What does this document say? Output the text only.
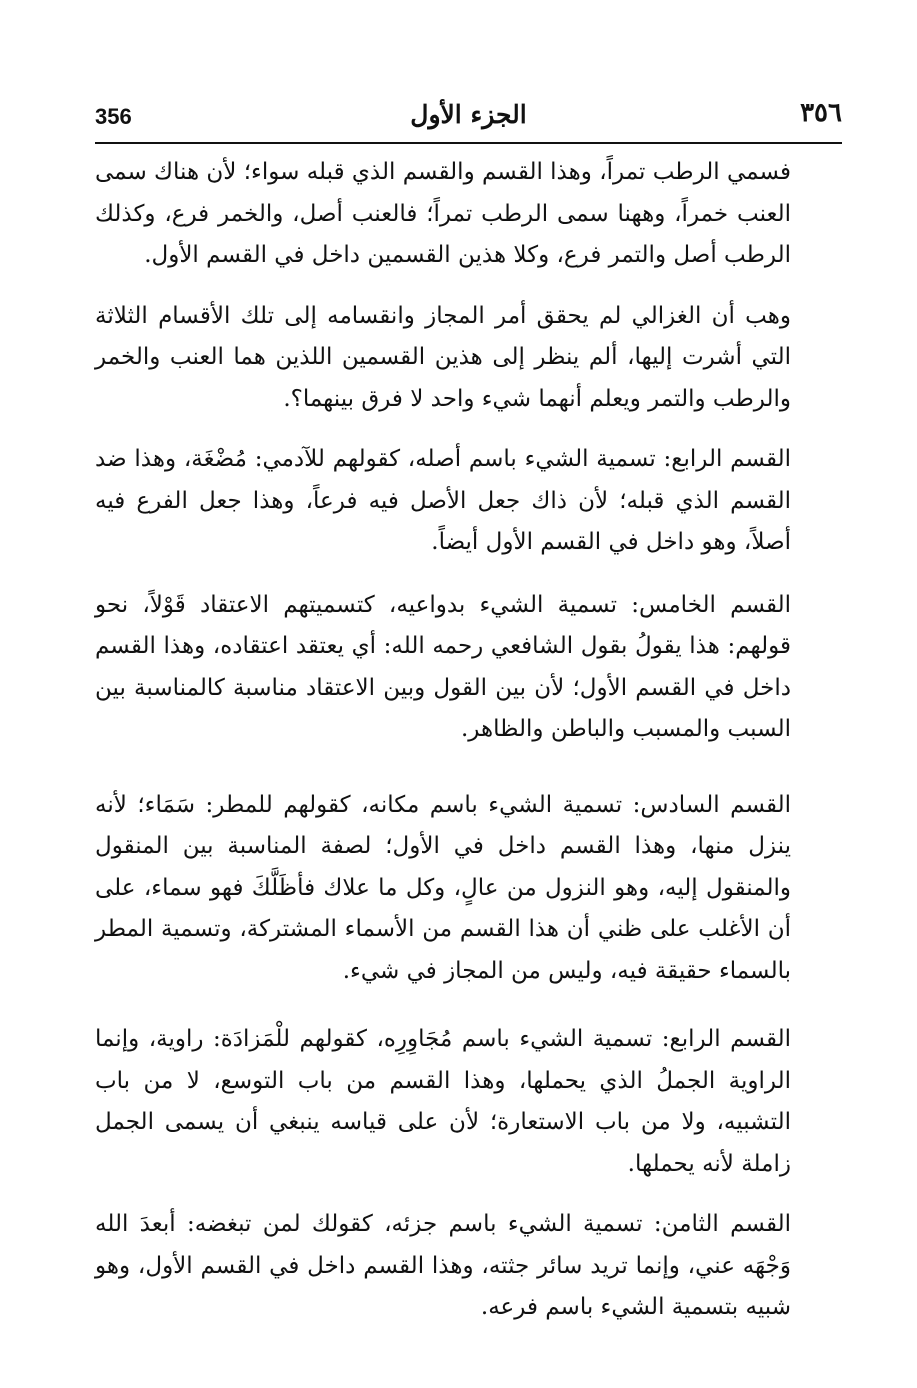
356	الجزء الأول	٣٥٦

فسمي الرطب تمراً، وهذا القسم والقسم الذي قبله سواء؛ لأن هناك سمى العنب خمراً، وههنا سمى الرطب تمراً؛ فالعنب أصل، والخمر فرع، وكذلك الرطب أصل والتمر فرع، وكلا هذين القسمين داخل في القسم الأول.

وهب أن الغزالي لم يحقق أمر المجاز وانقسامه إلى تلك الأقسام الثلاثة التي أشرت إليها، ألم ينظر إلى هذين القسمين اللذين هما العنب والخمر والرطب والتمر ويعلم أنهما شيء واحد لا فرق بينهما؟.

القسم الرابع: تسمية الشيء باسم أصله، كقولهم للآدمي: مُضْغَة، وهذا ضد القسم الذي قبله؛ لأن ذاك جعل الأصل فيه فرعاً، وهذا جعل الفرع فيه أصلاً، وهو داخل في القسم الأول أيضاً.

القسم الخامس: تسمية الشيء بدواعيه، كتسميتهم الاعتقاد قَوْلاً، نحو قولهم: هذا يقولُ بقول الشافعي رحمه الله: أي يعتقد اعتقاده، وهذا القسم داخل في القسم الأول؛ لأن بين القول وبين الاعتقاد مناسبة كالمناسبة بين السبب والمسبب والباطن والظاهر.

القسم السادس: تسمية الشيء باسم مكانه، كقولهم للمطر: سَمَاء؛ لأنه ينزل منها، وهذا القسم داخل في الأول؛ لصفة المناسبة بين المنقول والمنقول إليه، وهو النزول من عالٍ، وكل ما علاك فأظَلَّكَ فهو سماء، على أن الأغلب على ظني أن هذا القسم من الأسماء المشتركة، وتسمية المطر بالسماء حقيقة فيه، وليس من المجاز في شيء.

القسم الرابع: تسمية الشيء باسم مُجَاوِرِه، كقولهم للْمَزادَة: راوية، وإنما الراوية الجملُ الذي يحملها، وهذا القسم من باب التوسع، لا من باب التشبيه، ولا من باب الاستعارة؛ لأن على قياسه ينبغي أن يسمى الجمل زاملة لأنه يحملها.

القسم الثامن: تسمية الشيء باسم جزئه، كقولك لمن تبغضه: أبعدَ الله وَجْهَه عني، وإنما تريد سائر جثته، وهذا القسم داخل في القسم الأول، وهو شبيه بتسمية الشيء باسم فرعه.
